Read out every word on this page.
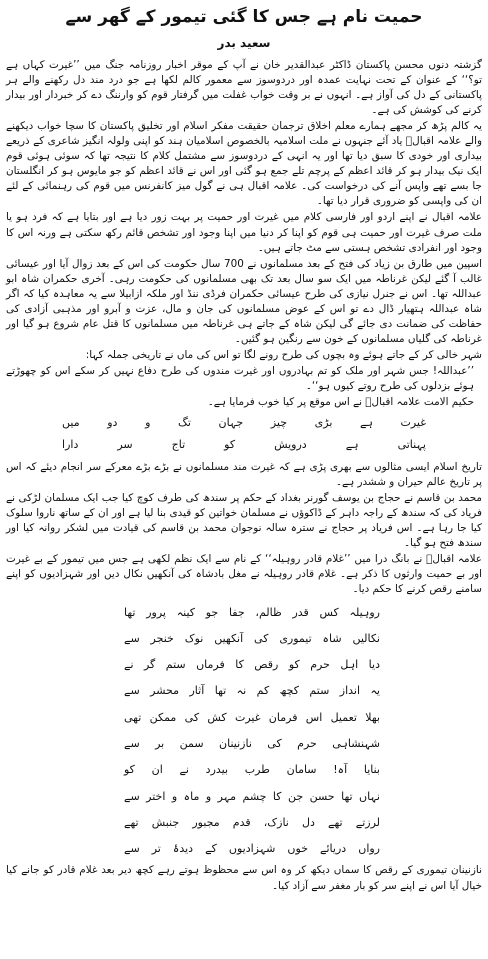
حمیت نام ہے جس کا گئی تیمور کے گھر سے
سعید بدر

گزشتہ دنوں محسن پاکستان ڈاکٹر عبدالقدیر خان نے آپ کے موقر اخبار روزنامہ جنگ میں ’’غیرت کہاں ہے تو؟‘‘ کے عنوان کے تحت نہایت عمدہ اور دردوسوز سے معمور کالم لکھا ہے جو درد مند دل رکھنے والے ہر پاکستانی کے دل کی آواز ہے۔ انہوں نے بر وقت خواب غفلت میں گرفتار قوم کو وارننگ دے کر خبردار اور بیدار کرنے کی کوشش کی ہے۔

یہ کالم پڑھ کر مجھے ہمارے معلم اخلاق ترجمان حقیقت مفکر اسلام اور تخلیق پاکستان کا سچا خواب دیکھنے والے علامہ اقبالؒ یاد آئے جنہوں نے ملت اسلامیہ بالخصوص اسلامیان ہند کو اپنی ولولہ انگیز شاعری کے ذریعے بیداری اور خودی کا سبق دیا تھا اور یہ انہی کے دردوسوز سے مشتمل کلام کا نتیجہ تھا کہ سوئی ہوئی قوم ایک نیک بیدار ہو کر قائد اعظم کے پرچم تلے جمع ہو گئی اور اس نے قائد اعظم کو جو مایوس ہو کر انگلستان جا بسے تھے واپس آنے کی درخواست کی۔ علامہ اقبال ہی نے گول میز کانفرنس میں قوم کی رہنمائی کے لئے ان کی واپسی کو ضروری قرار دیا تھا۔

علامہ اقبال نے اپنے اردو اور فارسی کلام میں غیرت اور حمیت پر بہت زور دیا ہے اور بتایا ہے کہ فرد ہو یا ملت صرف غیرت اور حمیت ہی قوم کو اپنا کر دنیا میں اپنا وجود اور تشخص قائم رکھ سکتی ہے ورنہ اس کا وجود اور انفرادی تشخص ہستی سے مٹ جاتے ہیں۔

اسپین میں طارق بن زیاد کی فتح کے بعد مسلمانوں نے 700 سال حکومت کی اس کے بعد زوال آیا اور عیسائی غالب آ گئے لیکن غرناطہ میں ایک سو سال بعد تک بھی مسلمانوں کی حکومت رہی۔ آخری حکمران شاہ ابو عبداللہ تھا۔ اس نے جنرل نیازی کی طرح عیسائی حکمران فرڈی ننڈ اور ملکہ ازابیلا سے یہ معاہدہ کیا کہ اگر شاہ عبداللہ ہتھیار ڈال دے تو اس کے عوض مسلمانوں کی جان و مال، عزت و آبرو اور مذہبی آزادی کی حفاظت کی ضمانت دی جائے گی لیکن شاہ کے جاتے ہی غرناطہ میں مسلمانوں کا قتل عام شروع ہو گیا اور غرناطہ کی گلیاں مسلمانوں کے خون سے رنگین ہو گئیں۔

شہر خالی کر کے جاتے ہوئے وہ بچوں کی طرح رونے لگا تو اس کی ماں نے تاریخی جملہ کہا:

’’عبداللہ! جس شہر اور ملک کو تم بہادروں اور غیرت مندوں کی طرح دفاع نہیں کر سکے اس کو چھوڑتے ہوئے بزدلوں کی طرح روتے کیوں ہو‘‘۔

حکیم الامت علامہ اقبالؒ نے اس موقع پر کیا خوب فرمایا ہے۔

غیرت
ہے
بڑی
چیز
جہان
تگ
و
دو
میں
پہناتی
ہے
درویش
کو
تاج
سر
دارا

تاریخ اسلام ایسی مثالوں سے بھری پڑی ہے کہ غیرت مند مسلمانوں نے بڑے بڑے معرکے سر انجام دیئے کہ اس پر تاریخ عالم حیران و ششدر ہے۔

محمد بن قاسم نے حجاج بن یوسف گورنر بغداد کے حکم پر سندھ کی طرف کوچ کیا جب ایک مسلمان لڑکی نے فریاد کی کہ سندھ کے راجہ داہر کے ڈاکوؤں نے مسلمان خواتین کو قیدی بنا لیا ہے اور ان کے ساتھ ناروا سلوک کیا جا رہا ہے۔ اس فریاد پر حجاج نے سترہ سالہ نوجوان محمد بن قاسم کی قیادت میں لشکر روانہ کیا اور سندھ فتح ہو گیا۔

علامہ اقبالؒ نے بانگ درا میں ’’غلام قادر روہیلہ‘‘ کے نام سے ایک نظم لکھی ہے جس میں تیمور کے بے غیرت اور بے حمیت وارثوں کا ذکر ہے۔ غلام قادر روہیلہ نے مغل بادشاہ کی آنکھیں نکال دیں اور شہزادیوں کو اپنے سامنے رقص کرنے کا حکم دیا۔

روہیلہ کس قدر ظالم، جفا جو کینہ پرور تھا
نکالیں شاہ تیموری کی آنکھیں نوک خنجر سے
دیا اہل حرم کو رقص کا فرماں ستم گر نے
یہ انداز ستم کچھ کم نہ تھا آثار محشر سے
بھلا تعمیل اس فرمان غیرت کش کی ممکن تھی
شہنشاہی حرم کی نازنینان سمن بر سے
بنایا آہ! سامان طرب بیدرد نے ان کو
نہاں تھا حسن جن کا چشم مہر و ماہ و اختر سے
لرزتے تھے دل نازک، قدم مجبور جنبش تھے
رواں دریائے خوں شہزادیوں کے دیدۂ تر سے

نازنینان تیموری کے رقص کا سماں دیکھ کر وہ اس سے محظوظ ہوتے رہے کچھ دیر بعد غلام قادر کو جانے کیا خیال آیا اس نے اپنے سر کو بار مغفر سے آزاد کیا۔
